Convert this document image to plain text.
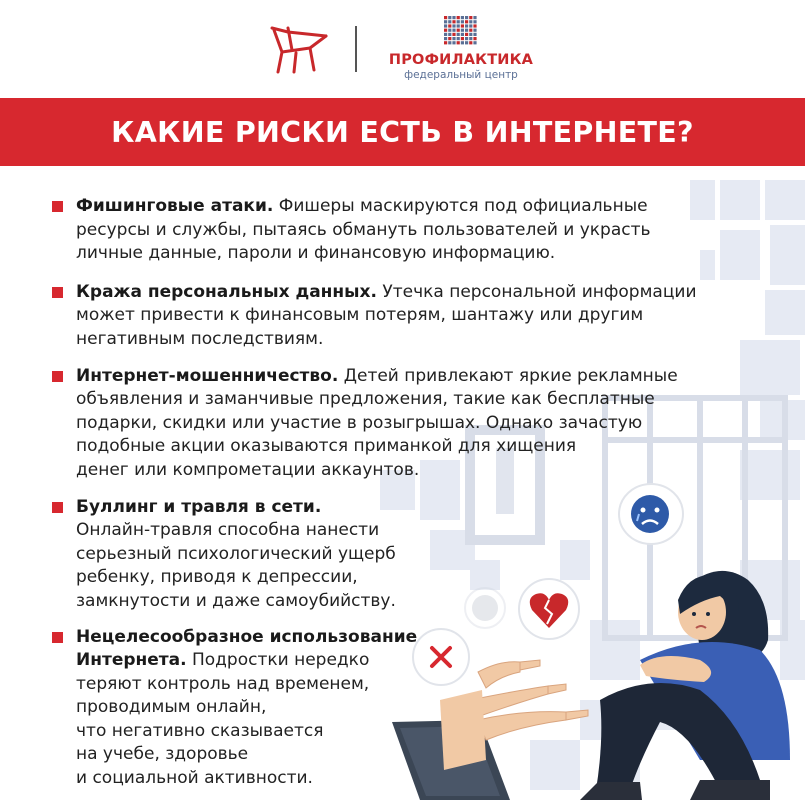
ПРОФИЛАКТИКА
федеральный центр
КАКИЕ РИСКИ ЕСТЬ В ИНТЕРНЕТЕ?
Фишинговые атаки. Фишеры маскируются под официальные
ресурсы и службы, пытаясь обмануть пользователей и украсть
личные данные, пароли и финансовую информацию.
Кража персональных данных. Утечка персональной информации
может привести к финансовым потерям, шантажу или другим
негативным последствиям.
Интернет-мошенничество. Детей привлекают яркие рекламные
объявления и заманчивые предложения, такие как бесплатные
подарки, скидки или участие в розыгрышах. Однако зачастую
подобные акции оказываются приманкой для хищения
денег или компрометации аккаунтов.
Буллинг и травля в сети.
Онлайн-травля способна нанести
серьезный психологический ущерб
ребенку, приводя к депрессии,
замкнутости и даже самоубийству.
Нецелесообразное использование
Интернета. Подростки нередко
теряют контроль над временем,
проводимым онлайн,
что негативно сказывается
на учебе, здоровье
и социальной активности.
